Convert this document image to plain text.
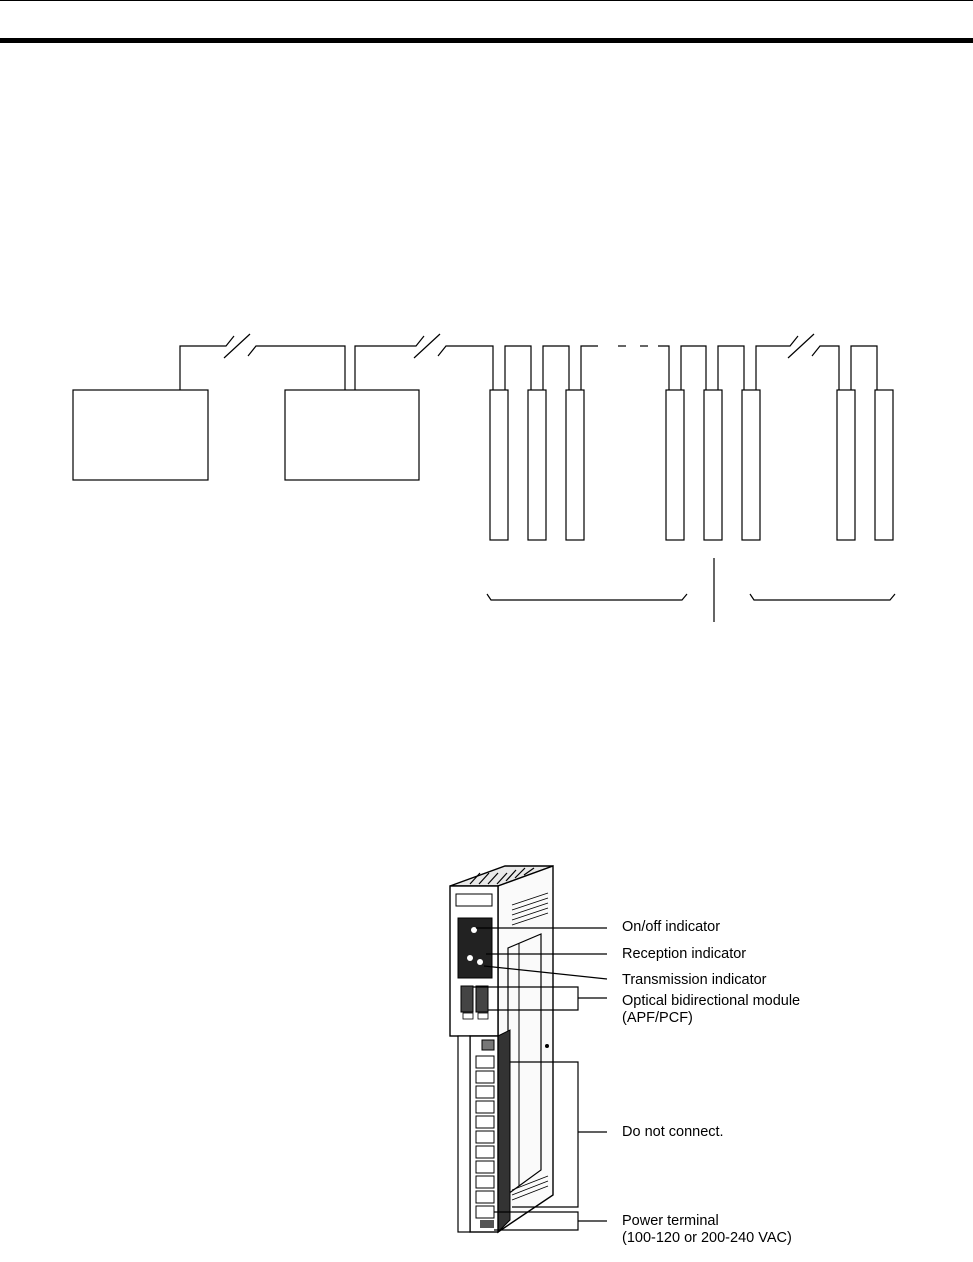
On/off indicator
Reception indicator
Transmission indicator
Optical bidirectional module
(APF/PCF)
Do not connect.
Power terminal
(100-120 or 200-240 VAC)
